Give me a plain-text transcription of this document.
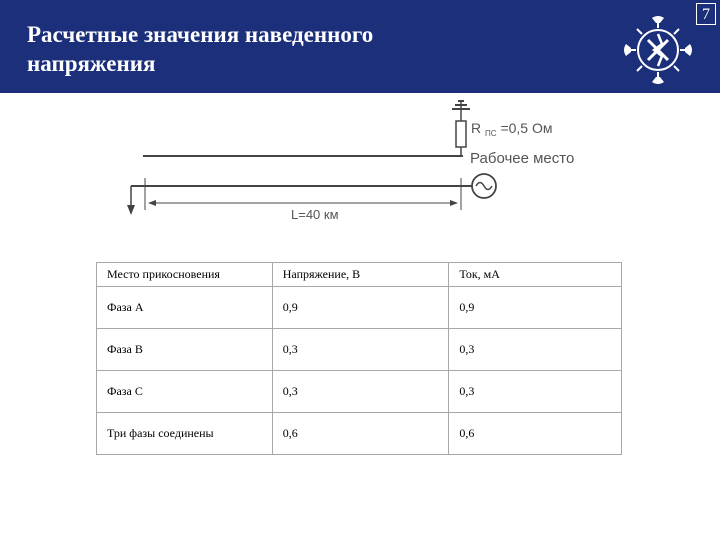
Расчетные значения наведенного
напряжения
7
L=40 км
R $_{ПС}$ =0,5 Ом
Рабочее место
Место прикосновения	Напряжение, В	Ток, мА
Фаза А	0,9	0,9
Фаза В	0,3	0,3
Фаза С	0,3	0,3
Три фазы соединены	0,6	0,6
